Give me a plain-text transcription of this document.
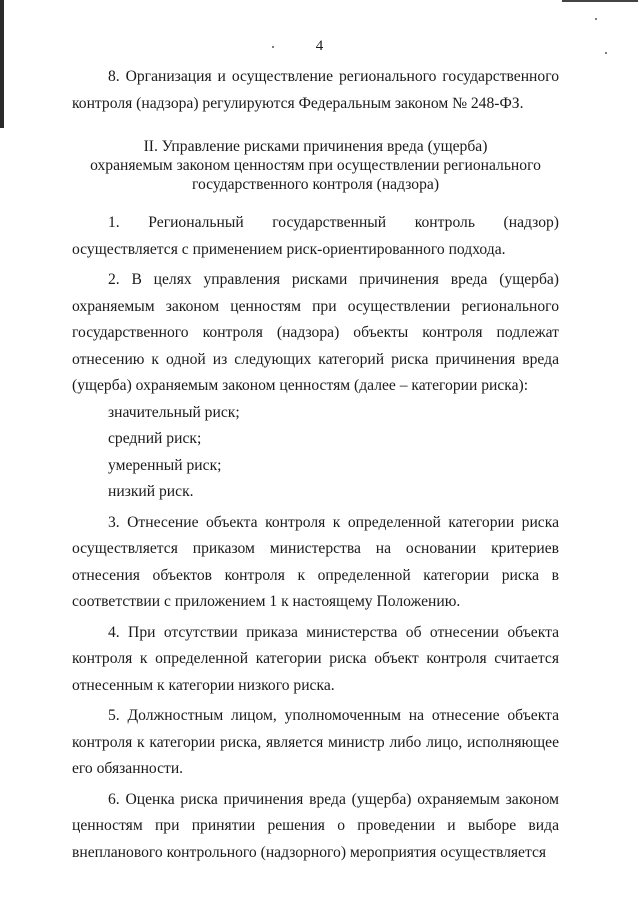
4

8. Организация и осуществление регионального государственного контроля (надзора) регулируются Федеральным законом № 248-ФЗ.

II. Управление рисками причинения вреда (ущерба)
охраняемым законом ценностям при осуществлении регионального
государственного контроля (надзора)

1. Региональный государственный контроль (надзор) осуществляется с применением риск-ориентированного подхода.

2. В целях управления рисками причинения вреда (ущерба) охраняемым законом ценностям при осуществлении регионального государственного контроля (надзора) объекты контроля подлежат отнесению к одной из следующих категорий риска причинения вреда (ущерба) охраняемым законом ценностям (далее – категории риска):

значительный риск;

средний риск;

умеренный риск;

низкий риск.

3. Отнесение объекта контроля к определенной категории риска осуществляется приказом министерства на основании критериев отнесения объектов контроля к определенной категории риска в соответствии с приложением 1 к настоящему Положению.

4. При отсутствии приказа министерства об отнесении объекта контроля к определенной категории риска объект контроля считается отнесенным к категории низкого риска.

5. Должностным лицом, уполномоченным на отнесение объекта контроля к категории риска, является министр либо лицо, исполняющее его обязанности.

6. Оценка риска причинения вреда (ущерба) охраняемым законом ценностям при принятии решения о проведении и выборе вида внепланового контрольного (надзорного) мероприятия осуществляется
